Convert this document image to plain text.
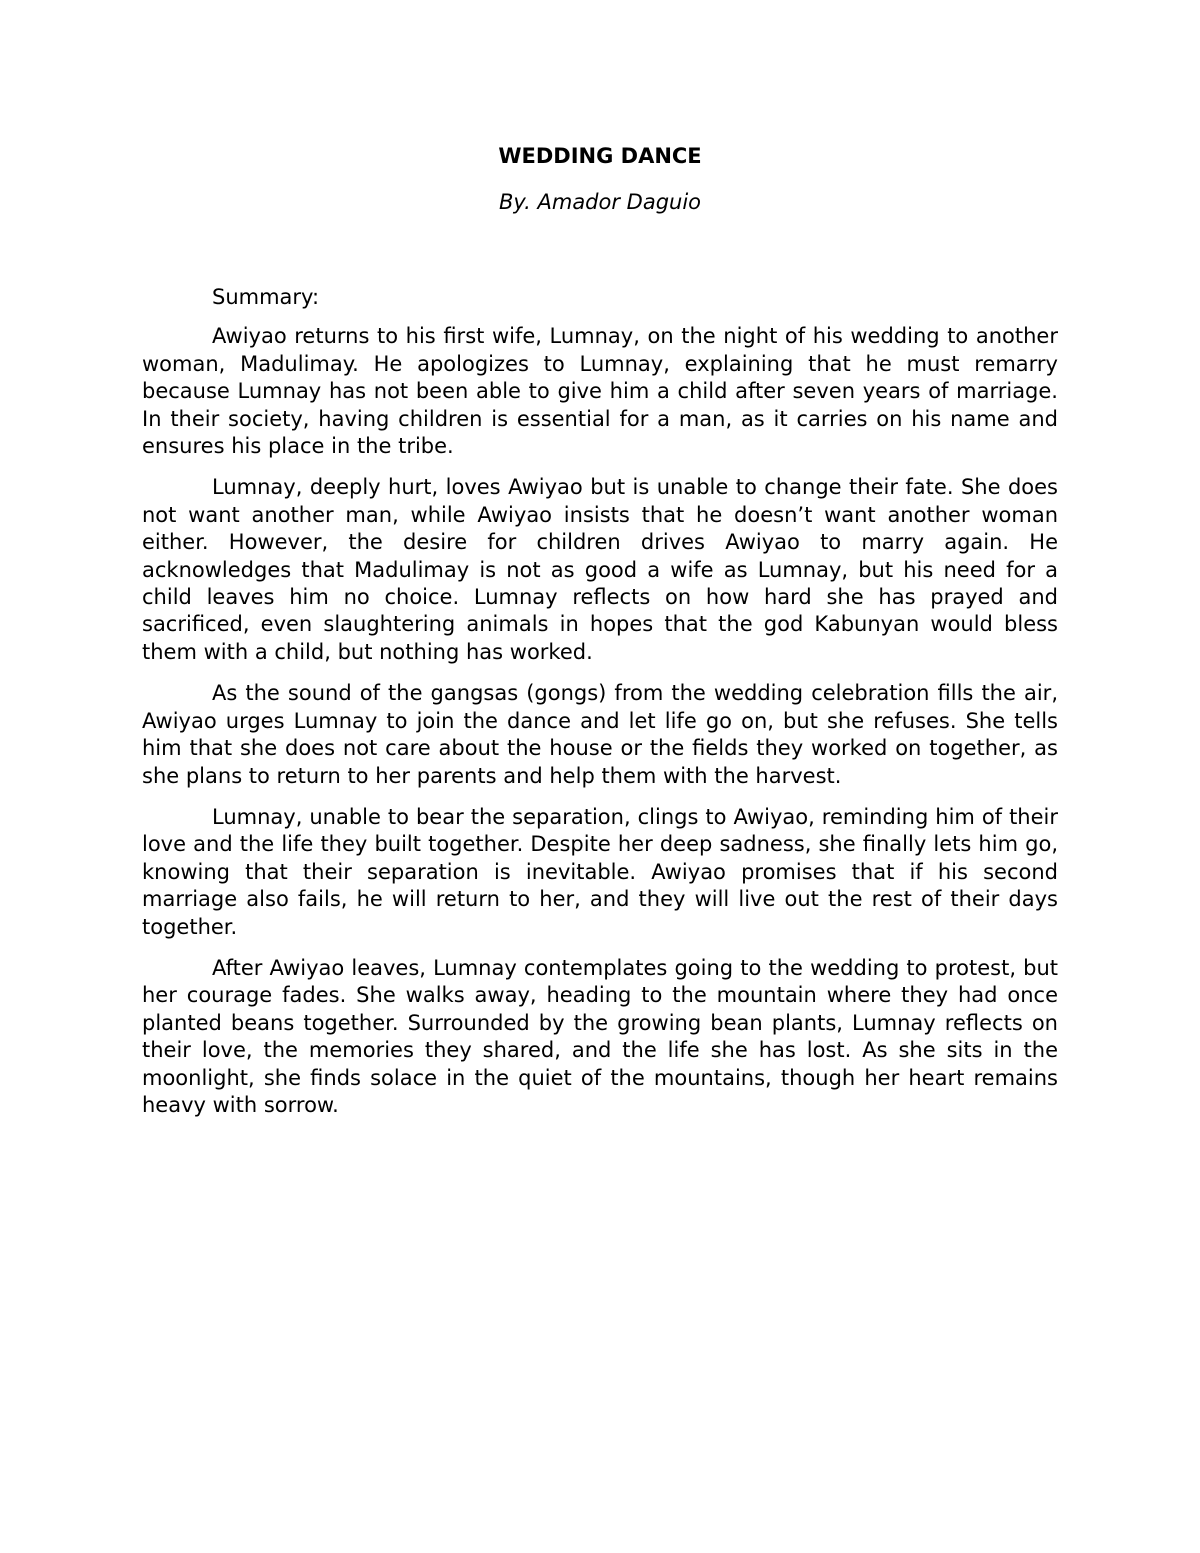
WEDDING DANCE
By. Amador Daguio

Summary:

Awiyao returns to his first wife, Lumnay, on the night of his wedding to another woman, Madulimay. He apologizes to Lumnay, explaining that he must remarry because Lumnay has not been able to give him a child after seven years of marriage. In their society, having children is essential for a man, as it carries on his name and ensures his place in the tribe.

Lumnay, deeply hurt, loves Awiyao but is unable to change their fate. She does not want another man, while Awiyao insists that he doesn’t want another woman either. However, the desire for children drives Awiyao to marry again. He acknowledges that Madulimay is not as good a wife as Lumnay, but his need for a child leaves him no choice. Lumnay reflects on how hard she has prayed and sacrificed, even slaughtering animals in hopes that the god Kabunyan would bless them with a child, but nothing has worked.

As the sound of the gangsas (gongs) from the wedding celebration fills the air, Awiyao urges Lumnay to join the dance and let life go on, but she refuses. She tells him that she does not care about the house or the fields they worked on together, as she plans to return to her parents and help them with the harvest.

Lumnay, unable to bear the separation, clings to Awiyao, reminding him of their love and the life they built together. Despite her deep sadness, she finally lets him go, knowing that their separation is inevitable. Awiyao promises that if his second marriage also fails, he will return to her, and they will live out the rest of their days together.

After Awiyao leaves, Lumnay contemplates going to the wedding to protest, but her courage fades. She walks away, heading to the mountain where they had once planted beans together. Surrounded by the growing bean plants, Lumnay reflects on their love, the memories they shared, and the life she has lost. As she sits in the moonlight, she finds solace in the quiet of the mountains, though her heart remains heavy with sorrow.
